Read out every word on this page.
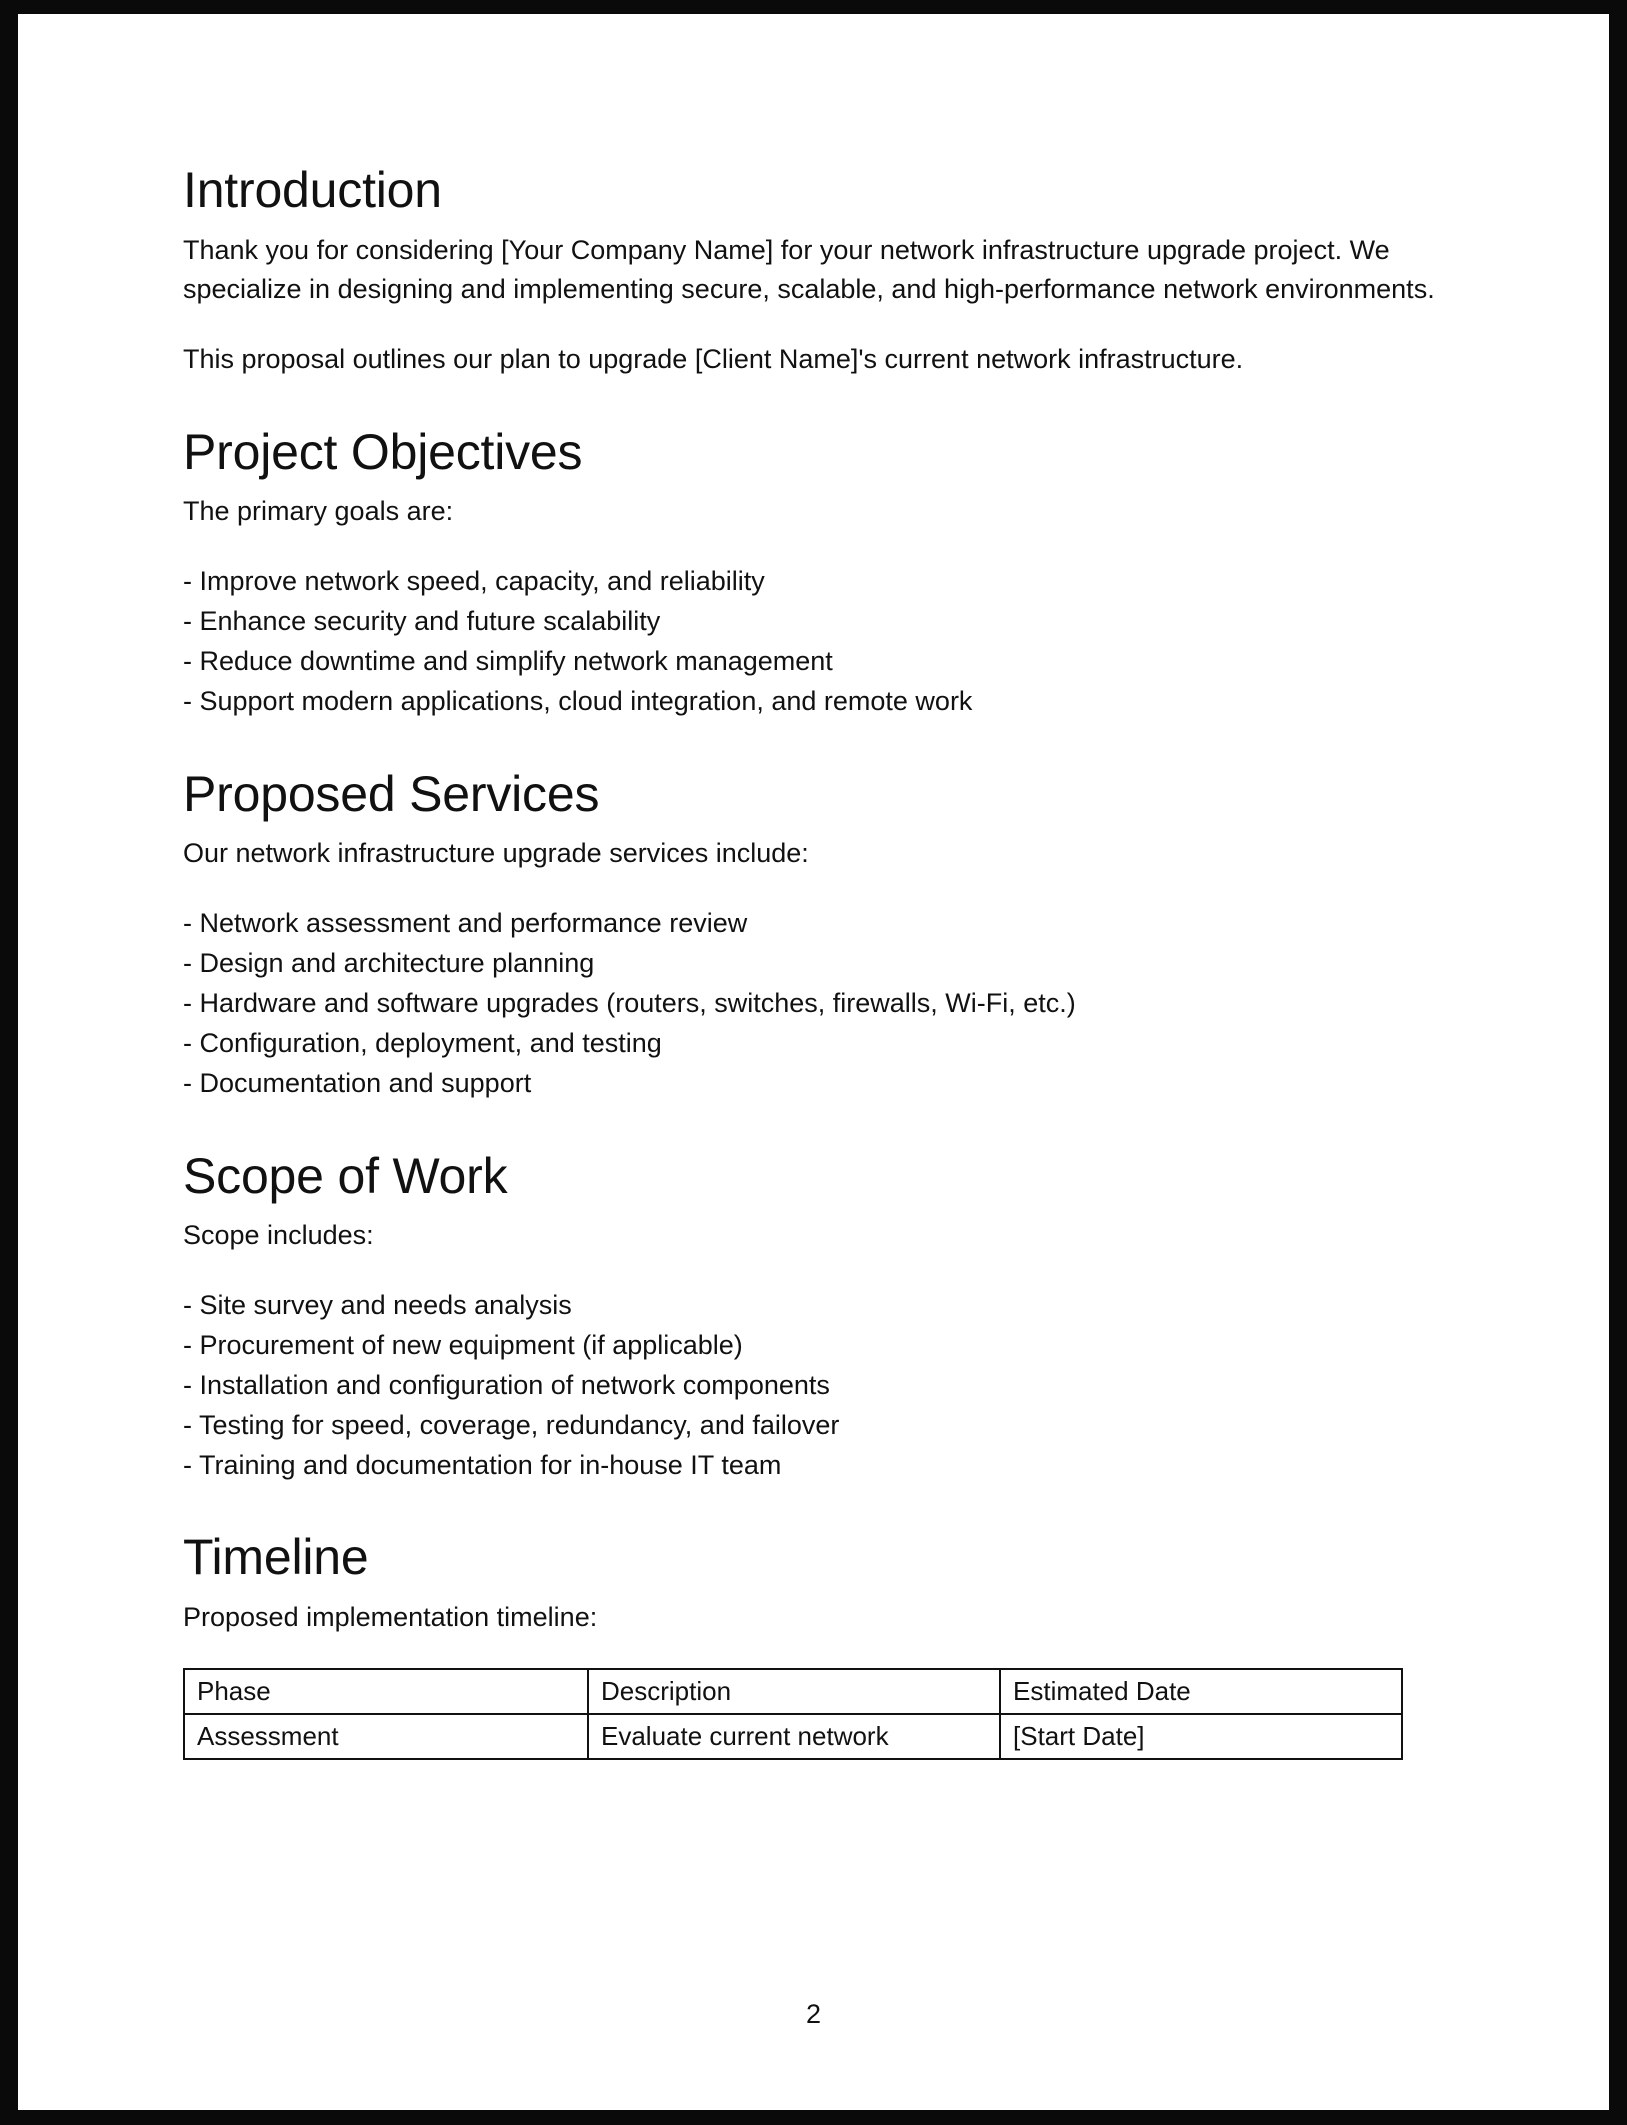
Introduction

Thank you for considering [Your Company Name] for your network infrastructure upgrade project. We specialize in designing and implementing secure, scalable, and high-performance network environments.

This proposal outlines our plan to upgrade [Client Name]'s current network infrastructure.

Project Objectives

The primary goals are:

- Improve network speed, capacity, and reliability
- Enhance security and future scalability
- Reduce downtime and simplify network management
- Support modern applications, cloud integration, and remote work
Proposed Services

Our network infrastructure upgrade services include:

- Network assessment and performance review
- Design and architecture planning
- Hardware and software upgrades (routers, switches, firewalls, Wi-Fi, etc.)
- Configuration, deployment, and testing
- Documentation and support
Scope of Work

Scope includes:

- Site survey and needs analysis
- Procurement of new equipment (if applicable)
- Installation and configuration of network components
- Testing for speed, coverage, redundancy, and failover
- Training and documentation for in-house IT team
Timeline

Proposed implementation timeline:

Phase	Description	Estimated Date
Assessment	Evaluate current network	[Start Date]
2
